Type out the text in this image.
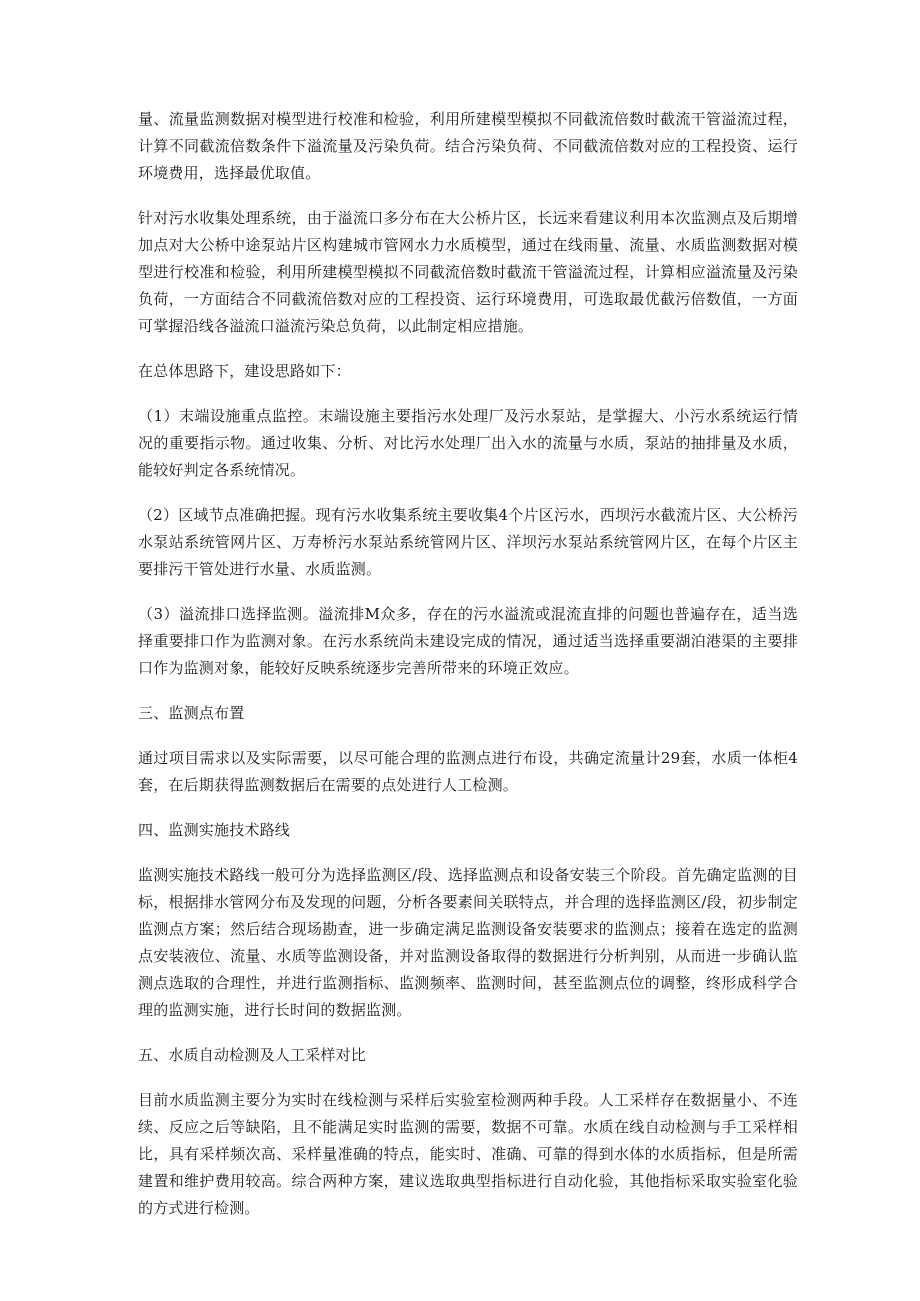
量、流量监测数据对模型进行校准和检验，利用所建模型模拟不同截流倍数时截流干管溢流过程，计算不同截流倍数条件下溢流量及污染负荷。结合污染负荷、不同截流倍数对应的工程投资、运行环境费用，选择最优取值。

针对污水收集处理系统，由于溢流口多分布在大公桥片区，长远来看建议利用本次监测点及后期增加点对大公桥中途泵站片区构建城市管网水力水质模型，通过在线雨量、流量、水质监测数据对模型进行校准和检验，利用所建模型模拟不同截流倍数时截流干管溢流过程，计算相应溢流量及污染负荷，一方面结合不同截流倍数对应的工程投资、运行环境费用，可选取最优截污倍数值，一方面可掌握沿线各溢流口溢流污染总负荷，以此制定相应措施。

在总体思路下，建设思路如下：

（1）末端设施重点监控。末端设施主要指污水处理厂及污水泵站，是掌握大、小污水系统运行情况的重要指示物。通过收集、分析、对比污水处理厂出入水的流量与水质，泵站的抽排量及水质，能较好判定各系统情况。

（2）区域节点准确把握。现有污水收集系统主要收集4个片区污水，西坝污水截流片区、大公桥污水泵站系统管网片区、万寿桥污水泵站系统管网片区、洋坝污水泵站系统管网片区，在每个片区主要排污干管处进行水量、水质监测。

（3）溢流排口选择监测。溢流排M众多，存在的污水溢流或混流直排的问题也普遍存在，适当选择重要排口作为监测对象。在污水系统尚未建设完成的情况，通过适当选择重要湖泊港渠的主要排口作为监测对象，能较好反映系统逐步完善所带来的环境正效应。

三、监测点布置

通过项目需求以及实际需要，以尽可能合理的监测点进行布设，共确定流量计29套，水质一体柜4套，在后期获得监测数据后在需要的点处进行人工检测。

四、监测实施技术路线

监测实施技术路线一般可分为选择监测区/段、选择监测点和设备安装三个阶段。首先确定监测的目标，根据排水管网分布及发现的问题，分析各要素间关联特点，并合理的选择监测区/段，初步制定监测点方案；然后结合现场勘查，进一步确定满足监测设备安装要求的监测点；接着在选定的监测点安装液位、流量、水质等监测设备，并对监测设备取得的数据进行分析判别，从而进一步确认监测点选取的合理性，并进行监测指标、监测频率、监测时间，甚至监测点位的调整，终形成科学合理的监测实施，进行长时间的数据监测。

五、水质自动检测及人工采样对比

目前水质监测主要分为实时在线检测与采样后实验室检测两种手段。人工采样存在数据量小、不连续、反应之后等缺陷，且不能满足实时监测的需要，数据不可靠。水质在线自动检测与手工采样相比，具有采样频次高、采样量准确的特点，能实时、准确、可靠的得到水体的水质指标，但是所需建置和维护费用较高。综合两种方案，建议选取典型指标进行自动化验，其他指标采取实验室化验的方式进行检测。
